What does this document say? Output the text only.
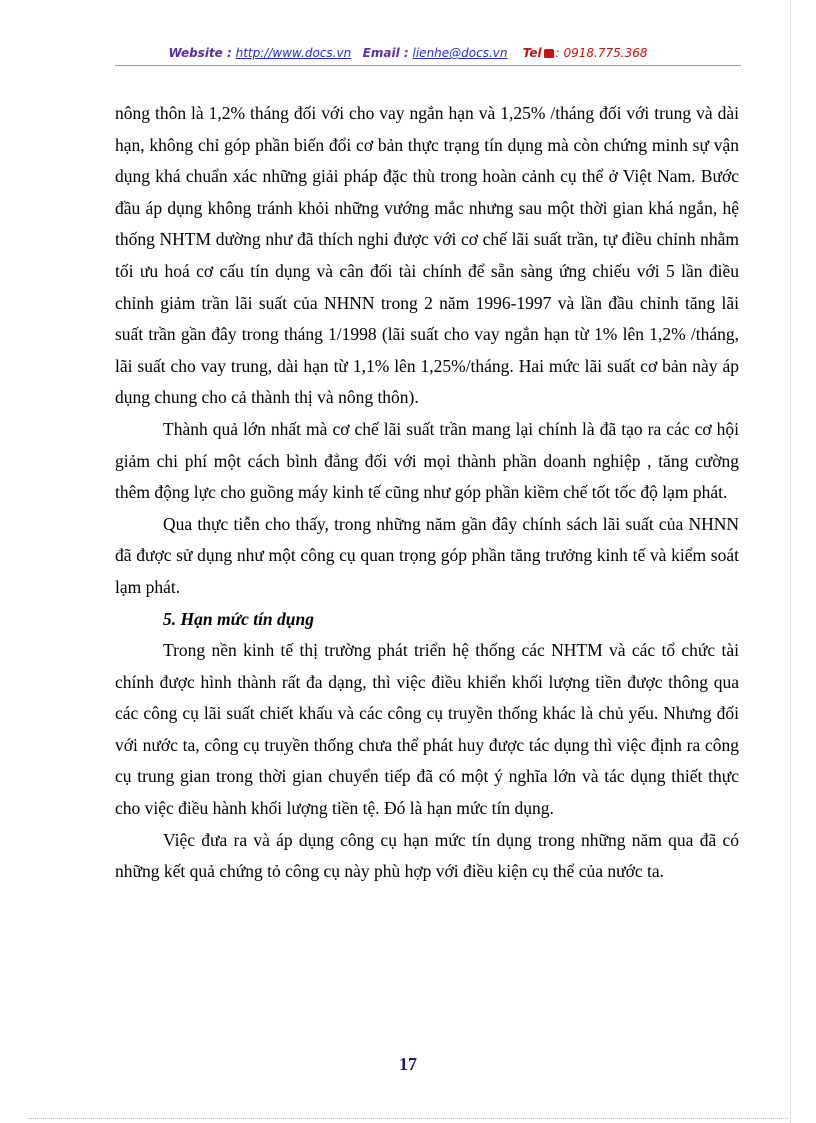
Website : http://www.docs.vn Email : lienhe@docs.vn Tel : 0918.775.368

nông thôn là 1,2% tháng đối với cho vay ngắn hạn và 1,25% /tháng đối với trung và dài hạn, không chỉ góp phần biến đổi cơ bản thực trạng tín dụng mà còn chứng minh sự vận dụng khá chuẩn xác những giải pháp đặc thù trong hoàn cảnh cụ thể ở Việt Nam. Bước đầu áp dụng không tránh khỏi những vướng mắc nhưng sau một thời gian khá ngắn, hệ thống NHTM dường như đã thích nghi được với cơ chế lãi suất trần, tự điều chỉnh nhằm tối ưu hoá cơ cấu tín dụng và cân đối tài chính để sẵn sàng ứng chiếu với 5 lần điều chỉnh giảm trần lãi suất của NHNN trong 2 năm 1996-1997 và lần đầu chỉnh tăng lãi suất trần gần đây trong tháng 1/1998 (lãi suất cho vay ngắn hạn từ 1% lên 1,2% /tháng, lãi suất cho vay trung, dài hạn từ 1,1% lên 1,25%/tháng. Hai mức lãi suất cơ bản này áp dụng chung cho cả thành thị và nông thôn).

Thành quả lớn nhất mà cơ chế lãi suất trần mang lại chính là đã tạo ra các cơ hội giảm chi phí một cách bình đẳng đối với mọi thành phần doanh nghiệp , tăng cường thêm động lực cho guồng máy kinh tế cũng như góp phần kiềm chế tốt tốc độ lạm phát.

Qua thực tiễn cho thấy, trong những năm gần đây chính sách lãi suất của NHNN đã được sử dụng như một công cụ quan trọng góp phần tăng trưởng kinh tế và kiểm soát lạm phát.

5. Hạn mức tín dụng

Trong nền kinh tế thị trường phát triển hệ thống các NHTM và các tổ chức tài chính được hình thành rất đa dạng, thì việc điều khiển khối lượng tiền được thông qua các công cụ lãi suất chiết khấu và các công cụ truyền thống khác là chủ yếu. Nhưng đối với nước ta, công cụ truyền thống chưa thể phát huy được tác dụng thì việc định ra công cụ trung gian trong thời gian chuyển tiếp đã có một ý nghĩa lớn và tác dụng thiết thực cho việc điều hành khối lượng tiền tệ. Đó là hạn mức tín dụng.

Việc đưa ra và áp dụng công cụ hạn mức tín dụng trong những năm qua đã có những kết quả chứng tỏ công cụ này phù hợp với điều kiện cụ thể của nước ta.

17
